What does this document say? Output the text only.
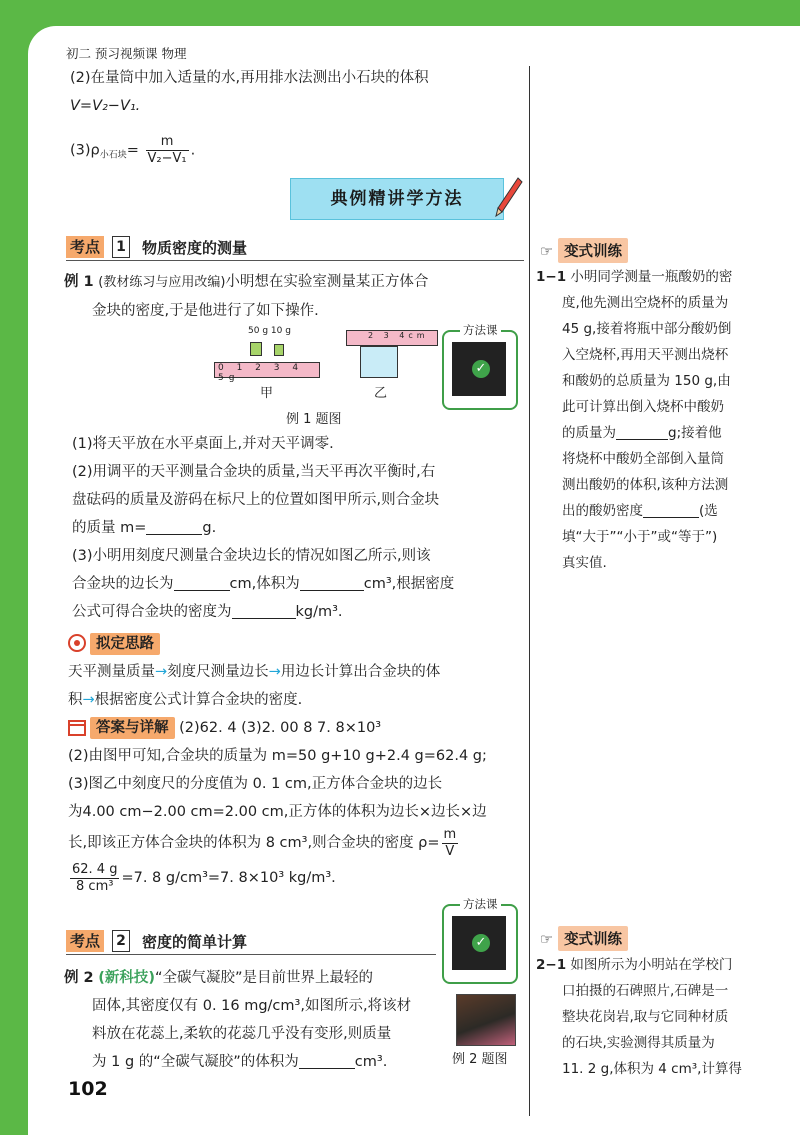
初二 预习视频课 物理
(2)在量筒中加入适量的水,再用排水法测出小石块的体积
V=V₂−V₁.
$(3)\rho_{小石块}= \frac{m}{\text{V₂−V₁}}$ .
典例精讲学方法
考点 1 物质密度的测量
例 1 (教材练习与应用改编)小明想在实验室测量某正方体合
金块的密度,于是他进行了如下操作.
50 g 10 g
0 1 2 3 4 5g
甲
2 3 4cm
乙
方法课
✓
例 1 题图
(1)将天平放在水平桌面上,并对天平调零.
(2)用调平的天平测量合金块的质量,当天平再次平衡时,右
盘砝码的质量及游码在标尺上的位置如图甲所示,则合金块
的质量 m=	g.
(3)小明用刻度尺测量合金块边长的情况如图乙所示,则该
合金块的边长为	cm,体积为	cm³,根据密度
公式可得合金块的密度为	kg/m³.
拟定思路
天平测量质量→刻度尺测量边长→用边长计算出合金块的体
积→根据密度公式计算合金块的密度.
答案与详解 (2)62. 4 (3)2. 00 8 7. 8×10³
(2)由图甲可知,合金块的质量为 m=50 g+10 g+2.4 g=62.4 g;
(3)图乙中刻度尺的分度值为 0. 1 cm,正方体合金块的边长
为4.00 cm−2.00 cm=2.00 cm,正方体的体积为边长×边长×边
长,即该正方体合金块的体积为 8 cm³,则合金块的密度 $\rho= \frac{m}{V}$
$\frac{62. 4 g}{\text{8 cm³}} =7$. 8 g/cm³=7. 8×10³ kg/m³.
方法课
✓
考点 2 密度的简单计算
例 2 (新科技)“全碳气凝胶”是目前世界上最轻的
固体,其密度仅有 0. 16 mg/cm³,如图所示,将该材
料放在花蕊上,柔软的花蕊几乎没有变形,则质量
为 1 g 的“全碳气凝胶”的体积为	cm³.	例 2 题图
☞ 变式训练
1−1 小明同学测量一瓶酸奶的密
度,他先测出空烧杯的质量为
45 g,接着将瓶中部分酸奶倒
入空烧杯,再用天平测出烧杯
和酸奶的总质量为 150 g,由
此可计算出倒入烧杯中酸奶
的质量为	g;接着他
将烧杯中酸奶全部倒入量筒
测出酸奶的体积,该种方法测
出的酸奶密度	(选
填“大于”“小于”或“等于”)
真实值.
☞ 变式训练
2−1 如图所示为小明站在学校门
口拍摄的石碑照片,石碑是一
整块花岗岩,取与它同种材质
的石块,实验测得其质量为
11. 2 g,体积为 4 cm³,计算得
102
